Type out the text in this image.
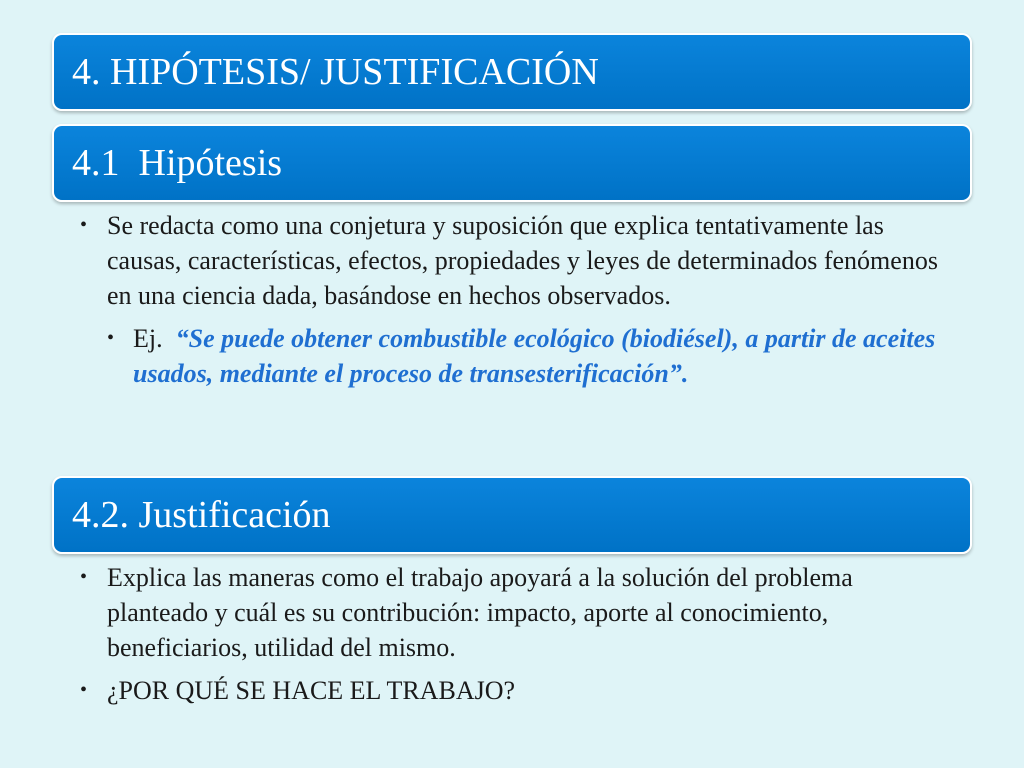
4. HIPÓTESIS/ JUSTIFICACIÓN
4.1  Hipótesis

• Se redacta como una conjetura y suposición que explica tentativamente las causas, características, efectos, propiedades y leyes de determinados fenómenos en una ciencia dada, basándose en hechos observados.

• Ej.  “Se puede obtener combustible ecológico (biodiésel), a partir de aceites usados, mediante el proceso de transesterificación”.

4.2. Justificación

• Explica las maneras como el trabajo apoyará a la solución del problema planteado y cuál es su contribución: impacto, aporte al conocimiento, beneficiarios, utilidad del mismo.

• ¿POR QUÉ SE HACE EL TRABAJO?
